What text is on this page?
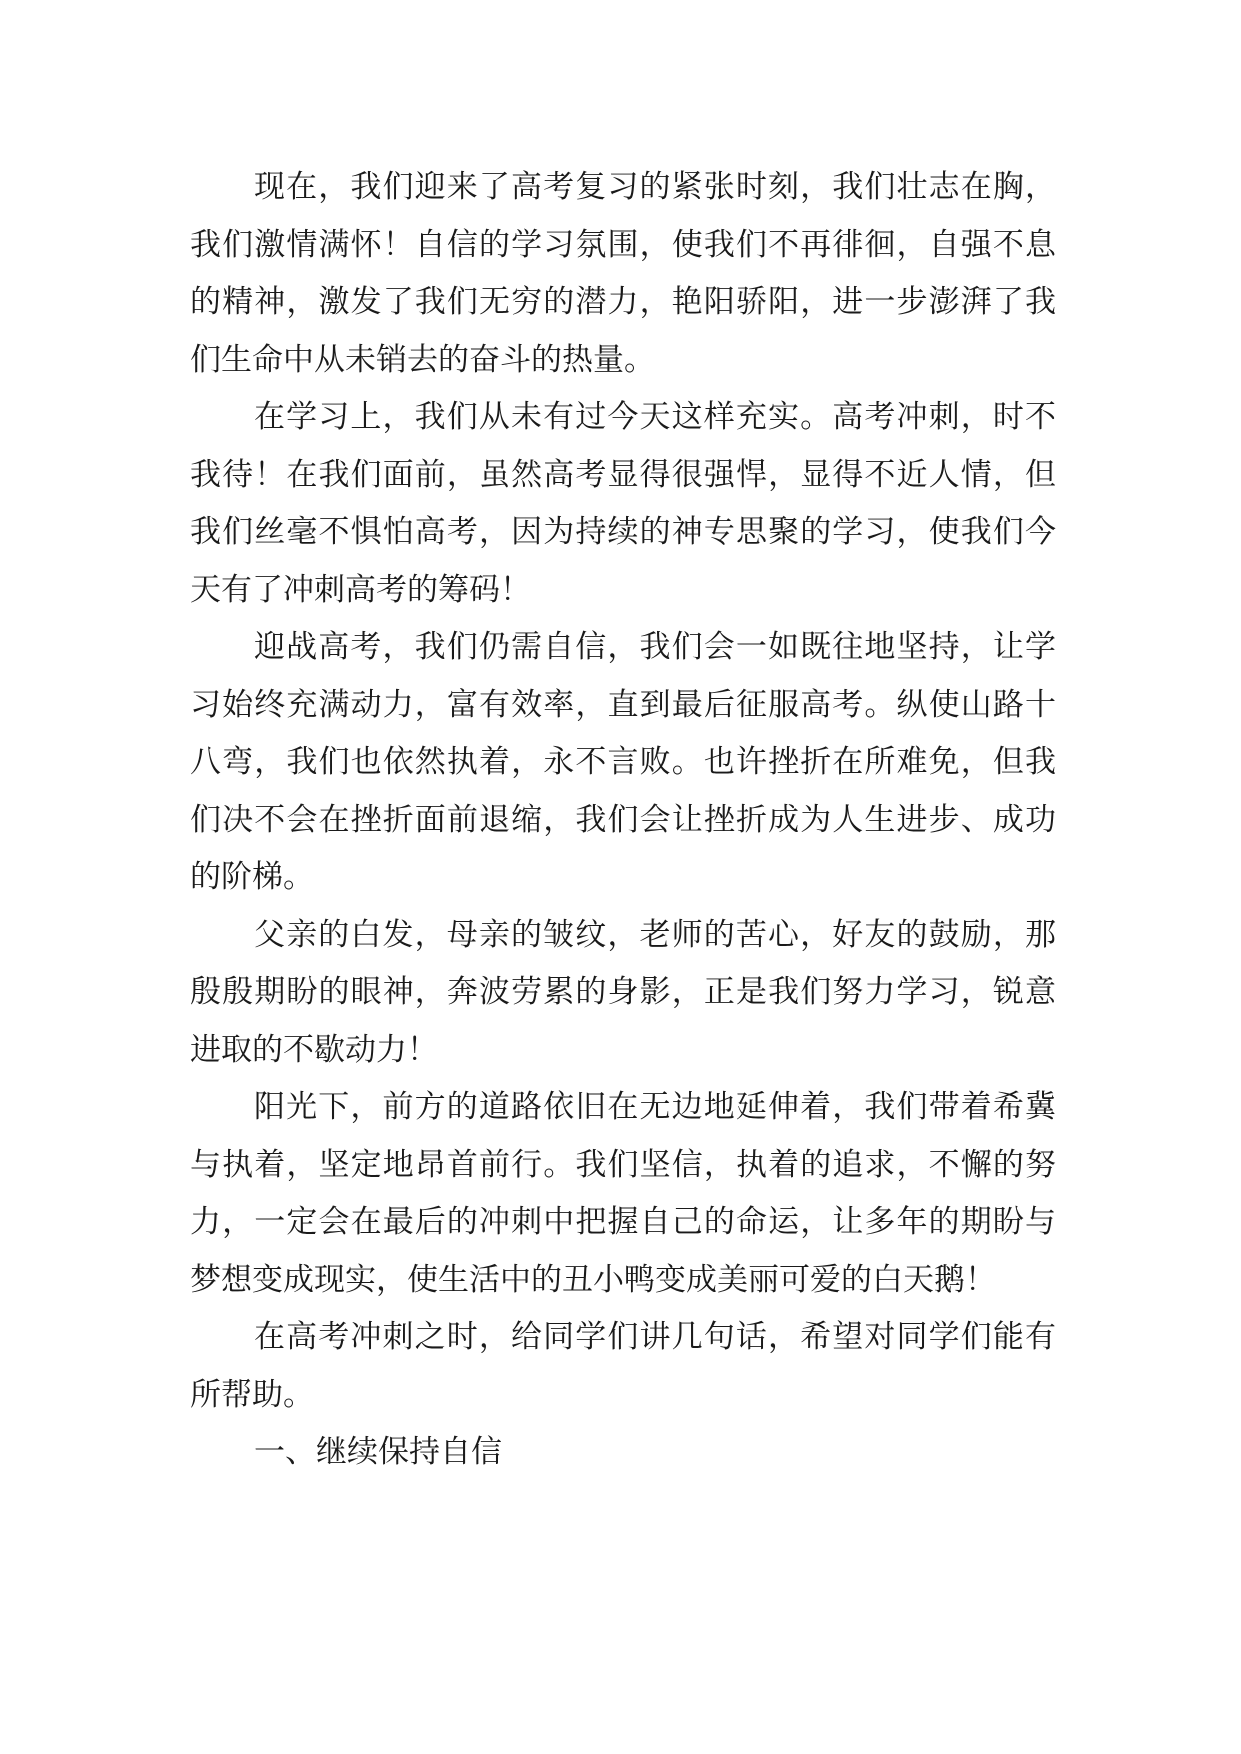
现在，我们迎来了高考复习的紧张时刻，我们壮志在胸，我们激情满怀！自信的学习氛围，使我们不再徘徊，自强不息的精神，激发了我们无穷的潜力，艳阳骄阳，进一步澎湃了我们生命中从未销去的奋斗的热量。

在学习上，我们从未有过今天这样充实。高考冲刺，时不我待！在我们面前，虽然高考显得很强悍，显得不近人情，但我们丝毫不惧怕高考，因为持续的神专思聚的学习，使我们今天有了冲刺高考的筹码！

迎战高考，我们仍需自信，我们会一如既往地坚持，让学习始终充满动力，富有效率，直到最后征服高考。纵使山路十八弯，我们也依然执着，永不言败。也许挫折在所难免，但我们决不会在挫折面前退缩，我们会让挫折成为人生进步、成功的阶梯。

父亲的白发，母亲的皱纹，老师的苦心，好友的鼓励，那殷殷期盼的眼神，奔波劳累的身影，正是我们努力学习，锐意进取的不歇动力！

阳光下，前方的道路依旧在无边地延伸着，我们带着希冀与执着，坚定地昂首前行。我们坚信，执着的追求，不懈的努力，一定会在最后的冲刺中把握自己的命运，让多年的期盼与梦想变成现实，使生活中的丑小鸭变成美丽可爱的白天鹅！

在高考冲刺之时，给同学们讲几句话，希望对同学们能有所帮助。

一、继续保持自信
